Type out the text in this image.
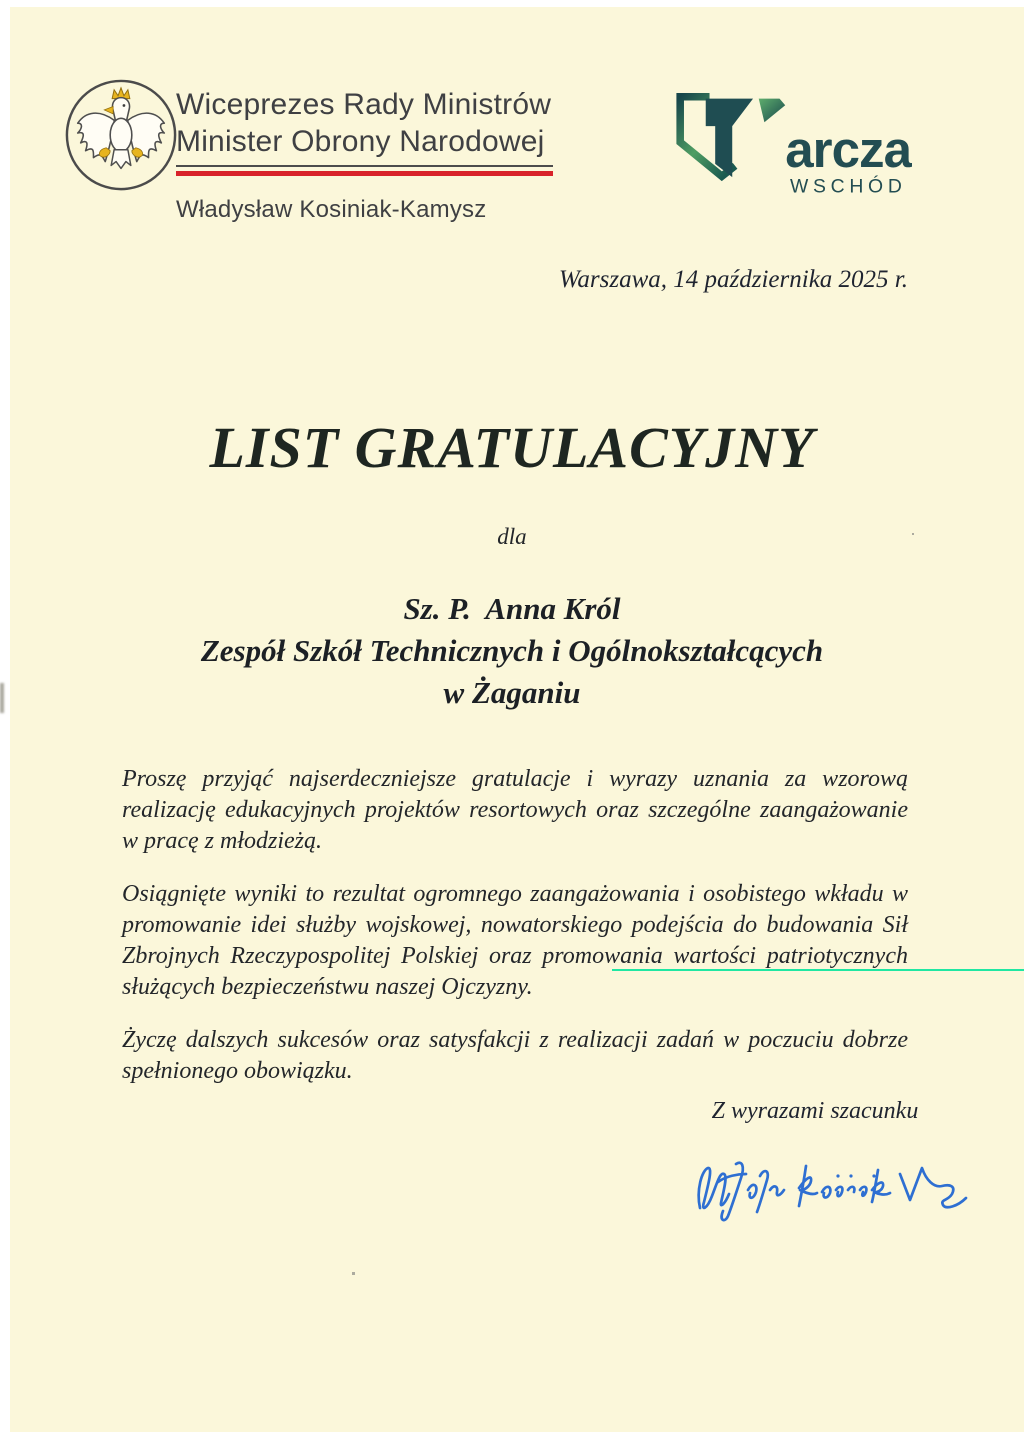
Wiceprezes Rady Ministrów
Minister Obrony Narodowej
Władysław Kosiniak-Kamysz
arcza
WSCHÓD
Warszawa, 14 października 2025 r.
LIST GRATULACYJNY
dla
Sz. P.  Anna Król
Zespół Szkół Technicznych i Ogólnokształcących
w Żaganiu

Proszę przyjąć najserdeczniejsze gratulacje i wyrazy uznania za wzorową realizację edukacyjnych projektów resortowych oraz szczególne zaangażowanie w pracę z młodzieżą.

Osiągnięte wyniki to rezultat ogromnego zaangażowania i osobistego wkładu w promowanie idei służby wojskowej, nowatorskiego podejścia do budowania Sił Zbrojnych Rzeczypospolitej Polskiej oraz promowania wartości patriotycznych służących bezpieczeństwu naszej Ojczyzny.

Życzę dalszych sukcesów oraz satysfakcji z realizacji zadań w poczuciu dobrze spełnionego obowiązku.

Z wyrazami szacunku
